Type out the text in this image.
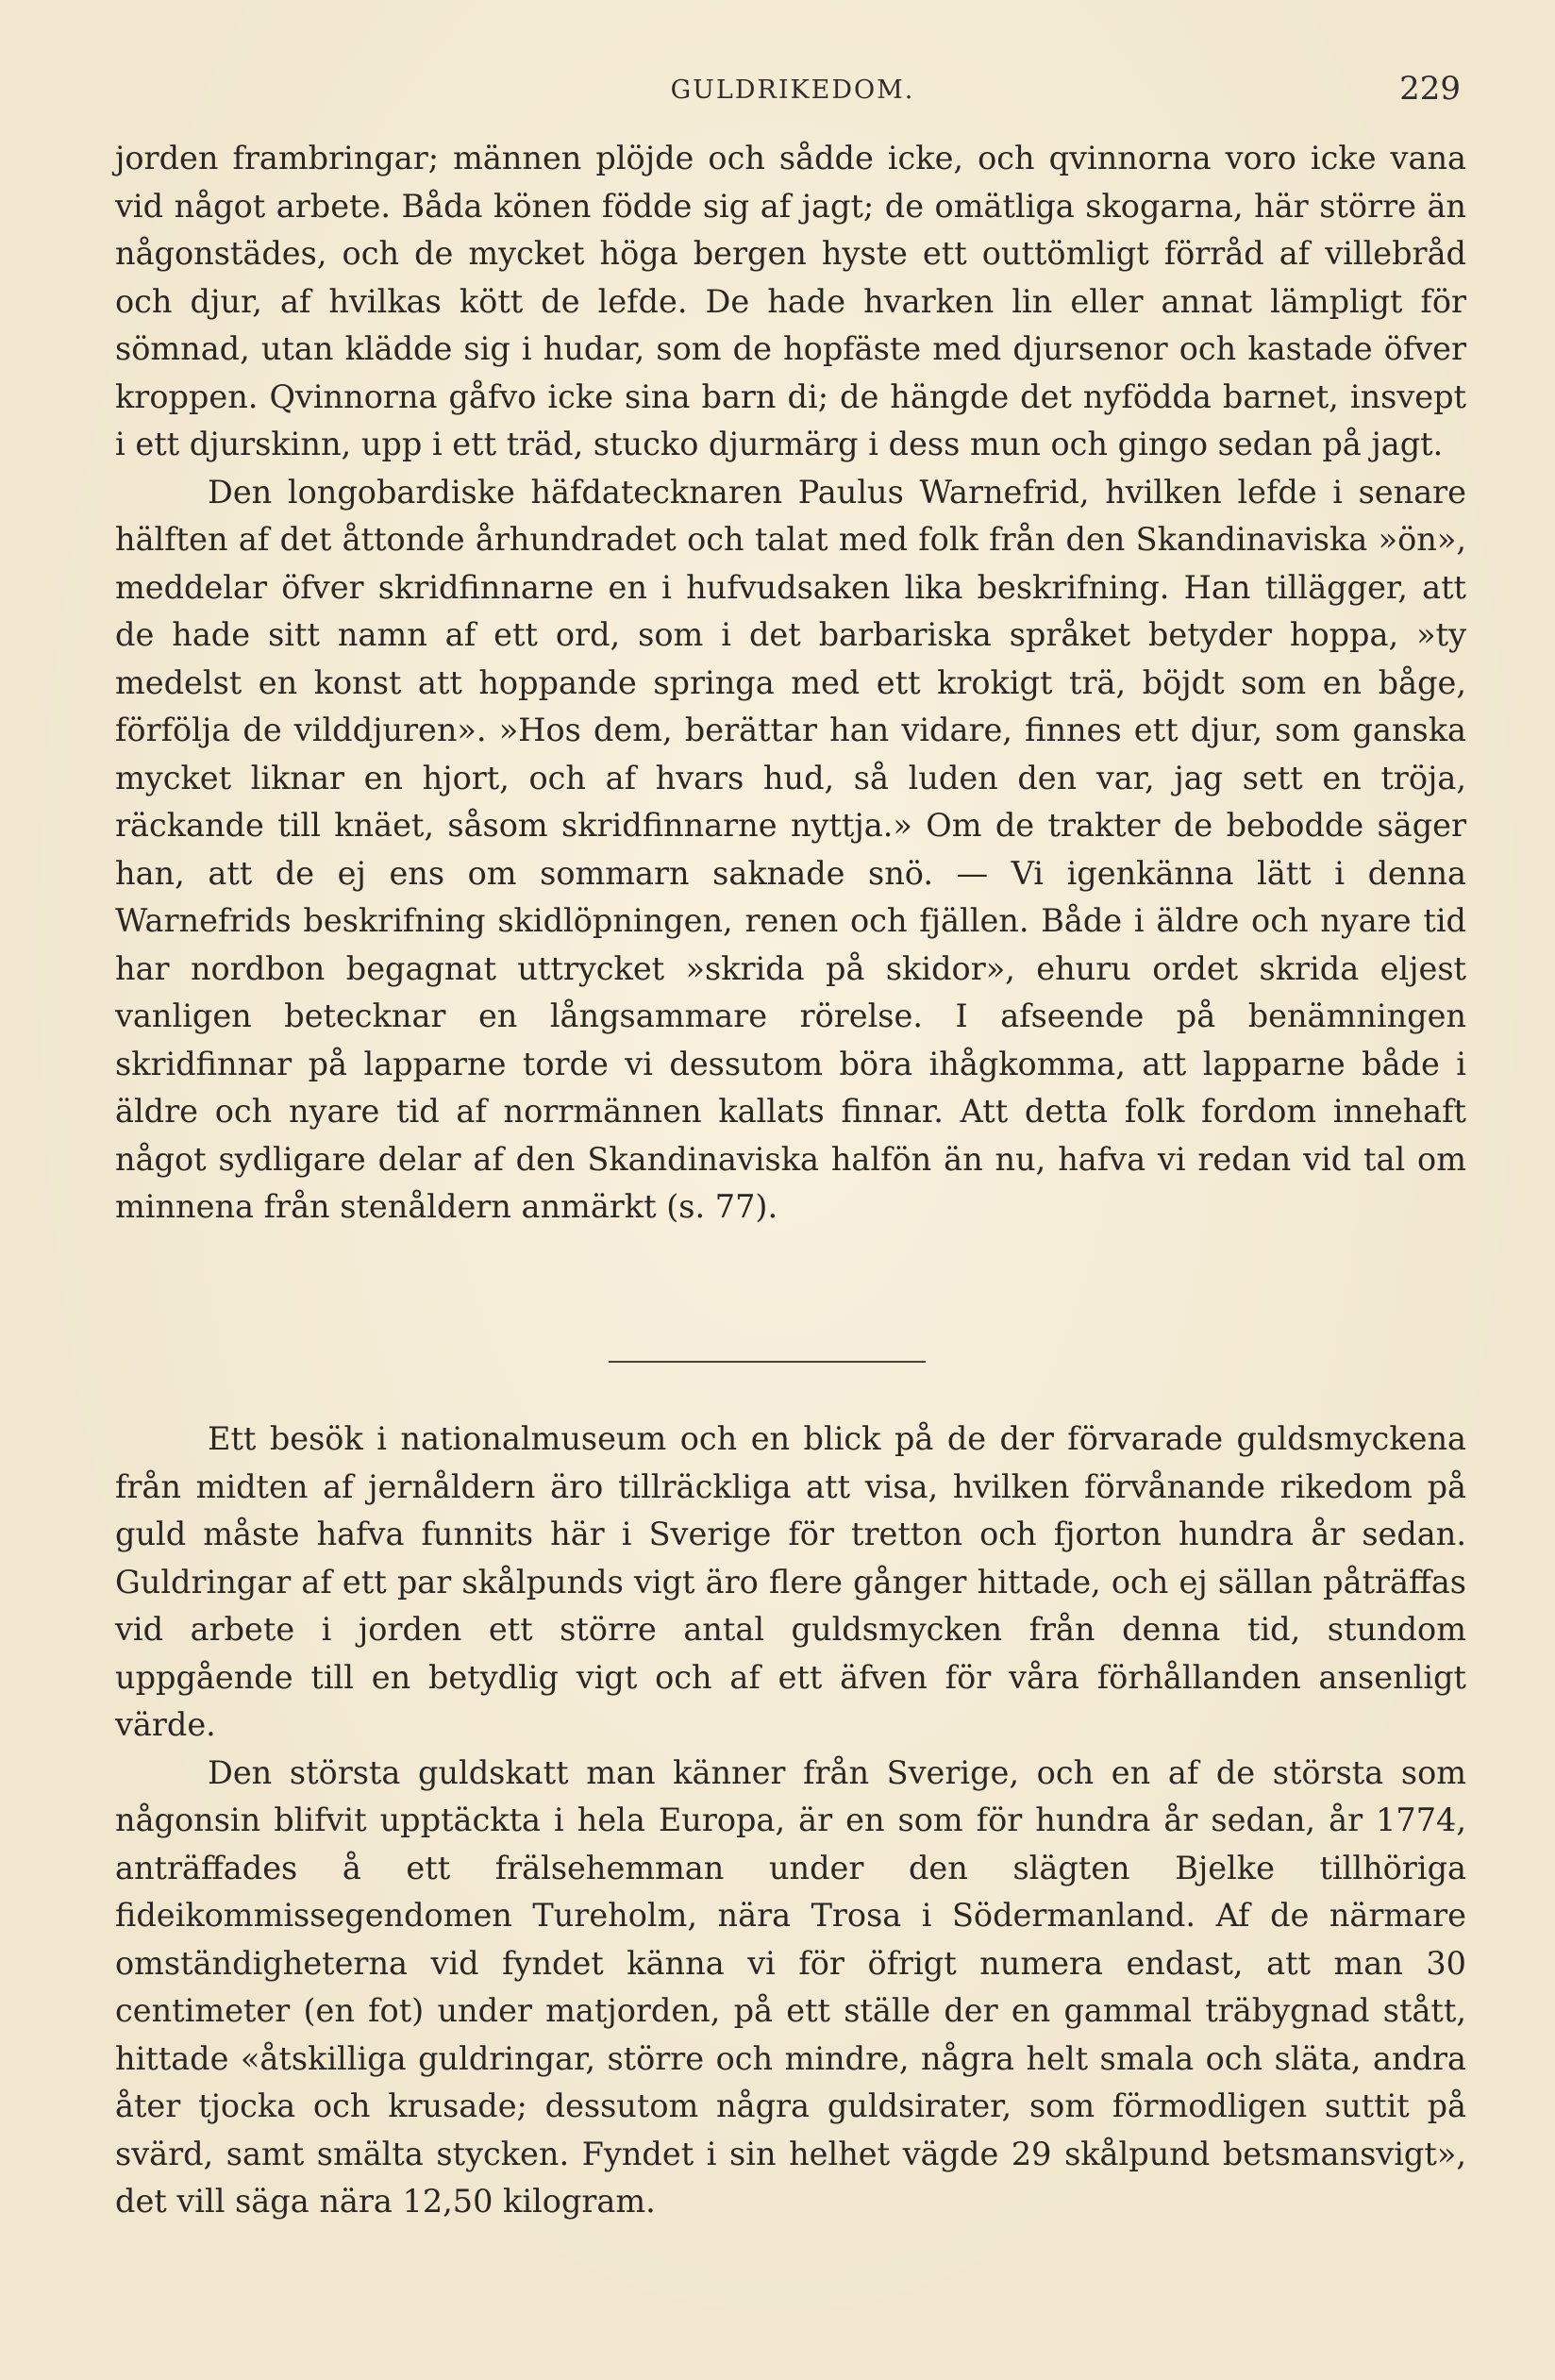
GULDRIKEDOM.	229

jorden frambringar; männen plöjde och sådde icke, och qvinnorna voro icke vana vid något arbete. Båda könen födde sig af jagt; de omätliga skogarna, här större än någonstädes, och de mycket höga bergen hyste ett outtömligt förråd af villebråd och djur, af hvilkas kött de lefde. De hade hvarken lin eller annat lämpligt för sömnad, utan klädde sig i hudar, som de hopfäste med djursenor och kastade öfver kroppen. Qvinnorna gåfvo icke sina barn di; de hängde det nyfödda barnet, insvept i ett djurskinn, upp i ett träd, stucko djurmärg i dess mun och gingo sedan på jagt.

Den longobardiske häfdatecknaren Paulus Warnefrid, hvilken lefde i senare hälften af det åttonde århundradet och talat med folk från den Skandinaviska »ön», meddelar öfver skridfinnarne en i hufvudsaken lika beskrifning. Han tillägger, att de hade sitt namn af ett ord, som i det barbariska språket betyder hoppa, »ty medelst en konst att hoppande springa med ett krokigt trä, böjdt som en båge, förfölja de vilddjuren». »Hos dem, berättar han vidare, finnes ett djur, som ganska mycket liknar en hjort, och af hvars hud, så luden den var, jag sett en tröja, räckande till knäet, såsom skridfinnarne nyttja.» Om de trakter de bebodde säger han, att de ej ens om sommarn saknade snö. — Vi igenkänna lätt i denna Warnefrids beskrifning skidlöpningen, renen och fjällen. Både i äldre och nyare tid har nordbon begagnat uttrycket »skrida på skidor», ehuru ordet skrida eljest vanligen betecknar en långsammare rörelse. I afseende på benämningen skridfinnar på lapparne torde vi dessutom böra ihågkomma, att lapparne både i äldre och nyare tid af norrmännen kallats finnar. Att detta folk fordom innehaft något sydligare delar af den Skandinaviska halfön än nu, hafva vi redan vid tal om minnena från stenåldern anmärkt (s. 77).

Ett besök i nationalmuseum och en blick på de der förvarade guldsmyckena från midten af jernåldern äro tillräckliga att visa, hvilken förvånande rikedom på guld måste hafva funnits här i Sverige för tretton och fjorton hundra år sedan. Guldringar af ett par skålpunds vigt äro flere gånger hittade, och ej sällan påträffas vid arbete i jorden ett större antal guldsmycken från denna tid, stundom uppgående till en betydlig vigt och af ett äfven för våra förhållanden ansenligt värde.

Den största guldskatt man känner från Sverige, och en af de största som någonsin blifvit upptäckta i hela Europa, är en som för hundra år sedan, år 1774, anträffades å ett frälsehemman under den slägten Bjelke tillhöriga fideikommissegendomen Tureholm, nära Trosa i Södermanland. Af de närmare omständigheterna vid fyndet känna vi för öfrigt numera endast, att man 30 centimeter (en fot) under matjorden, på ett ställe der en gammal träbygnad stått, hittade «åtskilliga guldringar, större och mindre, några helt smala och släta, andra åter tjocka och krusade; dessutom några guldsirater, som förmodligen suttit på svärd, samt smälta stycken. Fyndet i sin helhet vägde 29 skålpund betsmansvigt», det vill säga nära 12,50 kilogram.
